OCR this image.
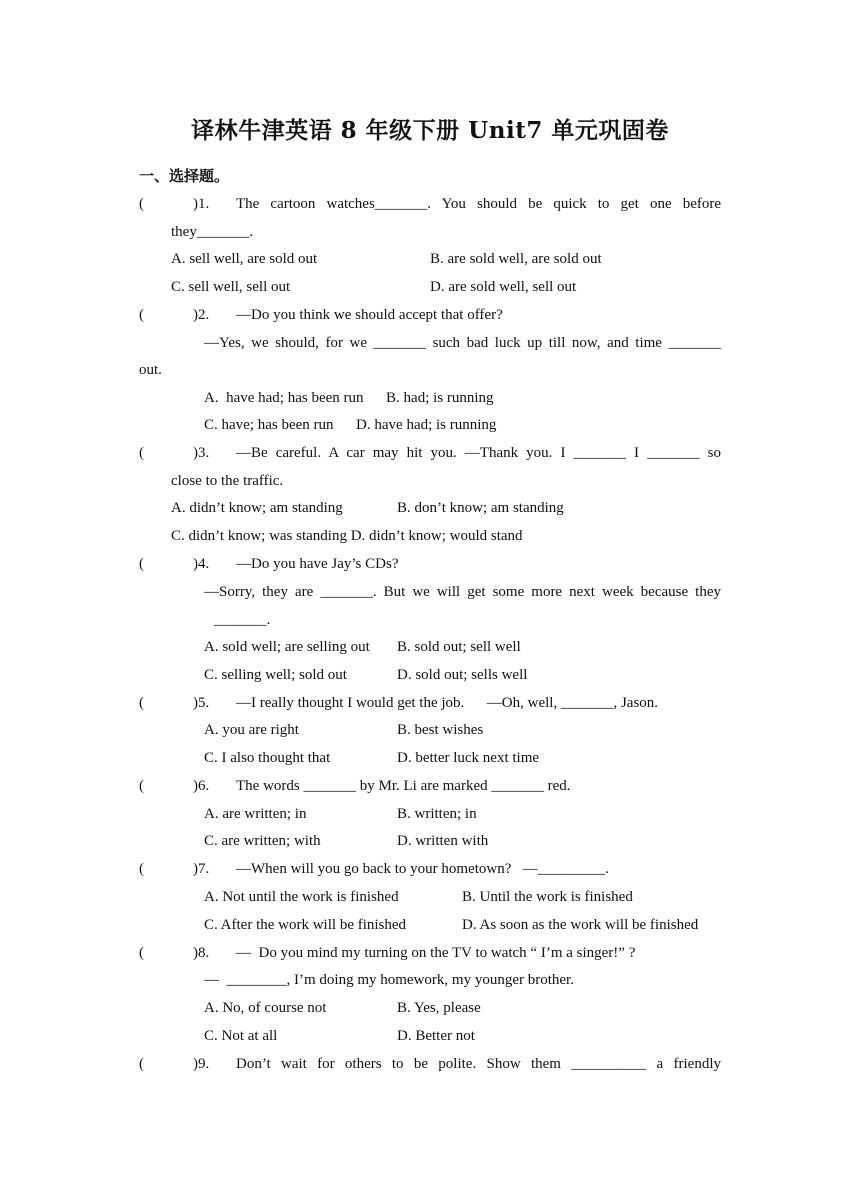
译林牛津英语 8 年级下册 Unit7 单元巩固卷
一、选择题。
(	)1. The cartoon watches_______. You should be quick to get one before
they_______.
A. sell well, are sold out	B. are sold well, are sold out
C. sell well, sell out	D. are sold well, sell out
(	)2. —Do you think we should accept that offer?
—Yes, we should, for we _______ such bad luck up till now, and time _______
out.
A.  have had; has been run      B. had; is running
C. have; has been run      D. have had; is running
(	)3. —Be careful. A car may hit you. —Thank you. I _______ I _______ so
close to the traffic.
A. didn’t know; am standing	B. don’t know; am standing
C. didn’t know; was standing D. didn’t know; would stand
(	)4. —Do you have Jay’s CDs?
—Sorry, they are _______. But we will get some more next week because they
_______.
A. sold well; are selling out B. sold out; sell well
C. selling well; sold out	D. sold out; sells well
(	)5. —I really thought I would get the job.      —Oh, well, _______, Jason.
A. you are right	B. best wishes
C. I also thought that	D. better luck next time
(	)6. The words _______ by Mr. Li are marked _______ red.
A. are written; in	B. written; in
C. are written; with	D. written with
(	)7. —When will you go back to your hometown?   —_________.
A. Not until the work is finished	B. Until the work is finished
C. After the work will be finished	D. As soon as the work will be finished
(	)8. —  Do you mind my turning on the TV to watch “ I’m a singer!” ?
—  ________, I’m doing my homework, my younger brother.
A. No, of course not	B. Yes, please
C. Not at all	D. Better not
(	)9. Don’t wait for others to be polite. Show them __________ a friendly
